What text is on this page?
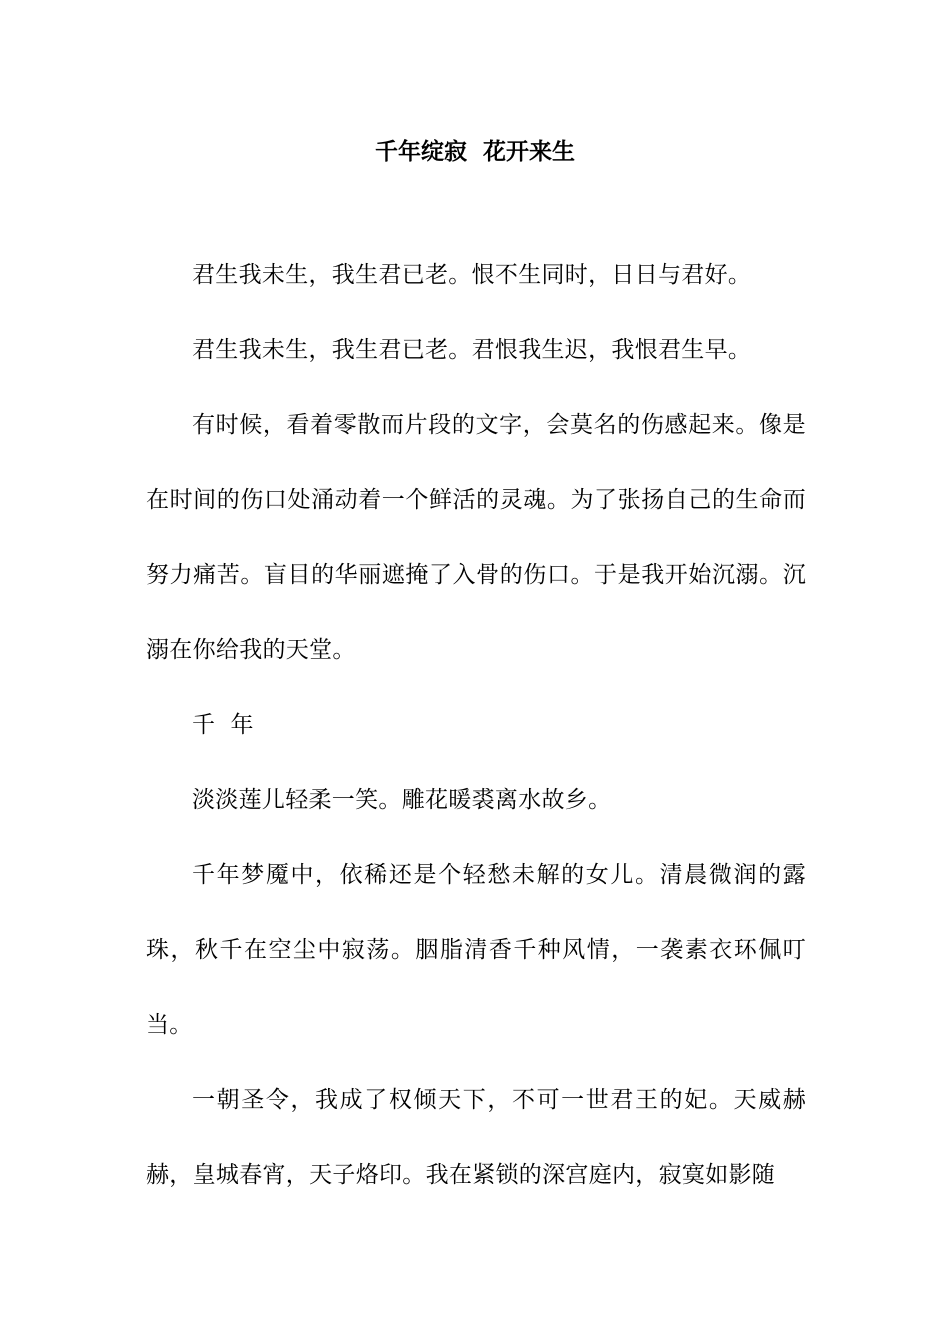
千年绽寂  花开来生

君生我未生，我生君已老。恨不生同时，日日与君好。

君生我未生，我生君已老。君恨我生迟，我恨君生早。

有时候，看着零散而片段的文字，会莫名的伤感起来。像是在时间的伤口处涌动着一个鲜活的灵魂。为了张扬自己的生命而努力痛苦。盲目的华丽遮掩了入骨的伤口。于是我开始沉溺。沉溺在你给我的天堂。

千  年

淡淡莲儿轻柔一笑。雕花暖裘离水故乡。

千年梦魇中，依稀还是个轻愁未解的女儿。清晨微润的露珠，秋千在空尘中寂荡。胭脂清香千种风情，一袭素衣环佩叮当。

一朝圣令，我成了权倾天下，不可一世君王的妃。天威赫赫，皇城春宵，天子烙印。我在紧锁的深宫庭内，寂寞如影随
